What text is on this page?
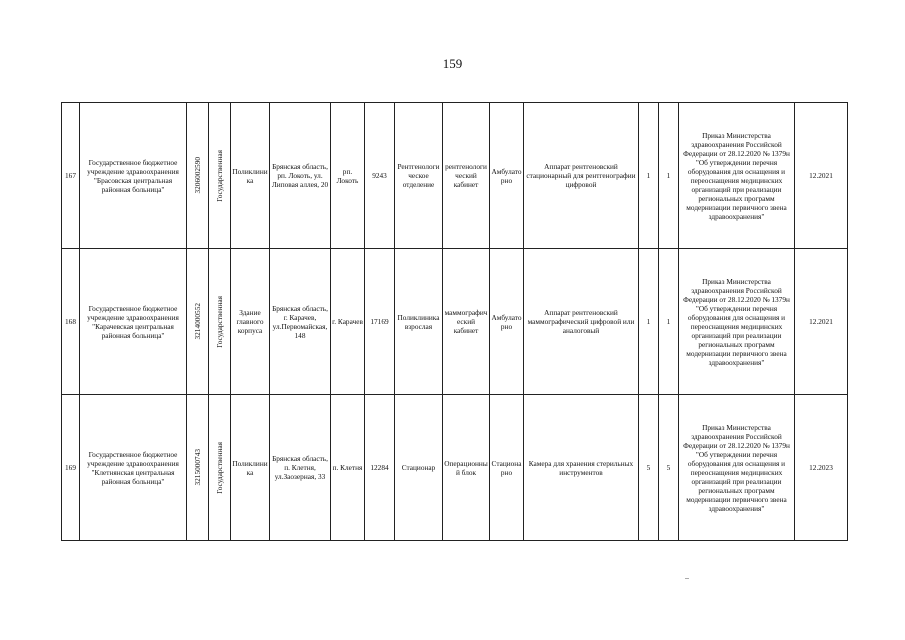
159
167	Государственное бюджетное учреждение здравоохранения "Брасовская центральная районная больница"	3206002590	Государственная	Поликлиника	Брянская область, рп. Локоть, ул. Липовая аллея, 20	рп. Локоть	9243	Рентгенологическое отделение	рентгенологический кабинет	Амбулаторно	Аппарат рентгеновский стационарный для рентгенографии цифровой	1	1	Приказ Министерства здравоохранения Российской Федерации от 28.12.2020 № 1379н "Об утверждении перечня оборудования для оснащения и переоснащения медицинских организаций при реализации региональных программ модернизации первичного звена здравоохранения"	12.2021
168	Государственное бюджетное учреждение здравоохранения "Карачевская центральная районная больница"	3214000552	Государственная	Здание главного корпуса	Брянская область, г. Карачев, ул.Первомайская, 148	г. Карачев	17169	Поликлиника взрослая	маммографический кабинет	Амбулаторно	Аппарат рентгеновский маммографический цифровой или аналоговый	1	1	Приказ Министерства здравоохранения Российской Федерации от 28.12.2020 № 1379н "Об утверждении перечня оборудования для оснащения и переоснащения медицинских организаций при реализации региональных программ модернизации первичного звена здравоохранения"	12.2021
169	Государственное бюджетное учреждение здравоохранения "Клетнянская центральная районная больница"	3215000743	Государственная	Поликлиника	Брянская область, п. Клетня, ул.Заозерная, 33	п. Клетня	12284	Стационар	Операционный блок	Стационарно	Камера для хранения стерильных инструментов	5	5	Приказ Министерства здравоохранения Российской Федерации от 28.12.2020 № 1379н "Об утверждении перечня оборудования для оснащения и переоснащения медицинских организаций при реализации региональных программ модернизации первичного звена здравоохранения"	12.2023
